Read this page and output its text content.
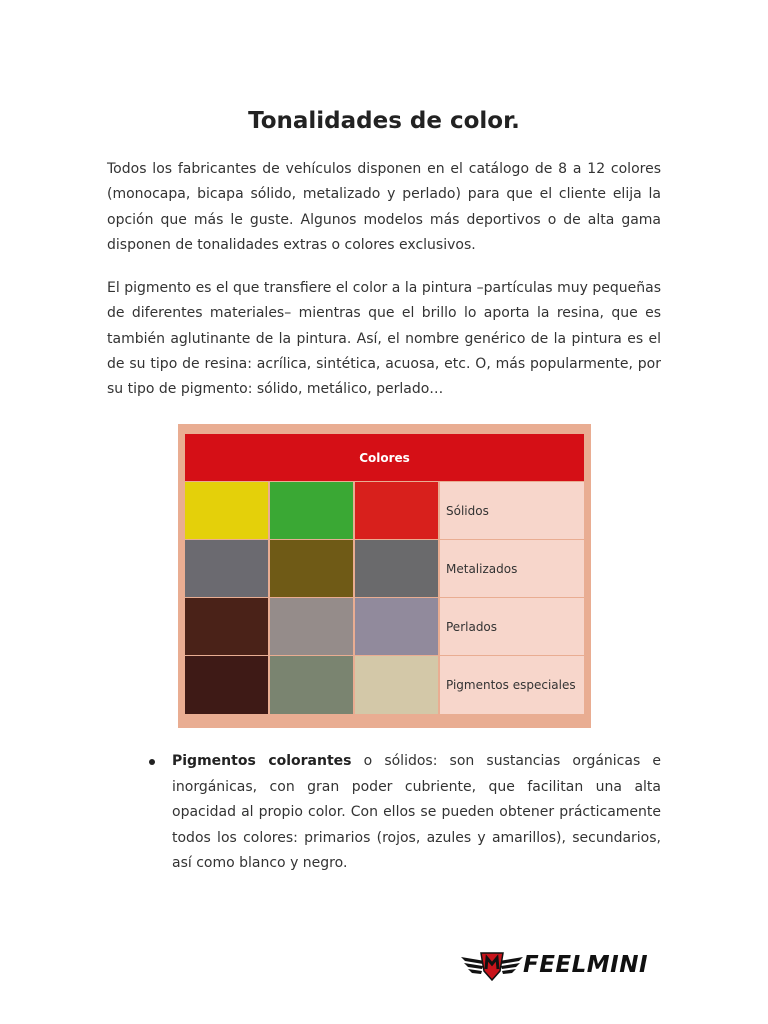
Tonalidades de color.

Todos los fabricantes de vehículos disponen en el catálogo de 8 a 12 colores (monocapa, bicapa sólido, metalizado y perlado) para que el cliente elija la opción que más le guste. Algunos modelos más deportivos o de alta gama disponen de tonalidades extras o colores exclusivos.

El pigmento es el que transfiere el color a la pintura –partículas muy pequeñas de diferentes materiales– mientras que el brillo lo aporta la resina, que es también aglutinante de la pintura. Así, el nombre genérico de la pintura es el de su tipo de resina: acrílica, sintética, acuosa, etc. O, más popularmente, por su tipo de pigmento: sólido, metálico, perlado…

Colores
Sólidos
Metalizados
Perlados
Pigmentos especiales
Pigmentos colorantes o sólidos: son sustancias orgánicas e inorgánicas, con gran poder cubriente, que facilitan una alta opacidad al propio color. Con ellos se pueden obtener prácticamente todos los colores: primarios (rojos, azules y amarillos), secundarios, así como blanco y negro.
FEELMINI
